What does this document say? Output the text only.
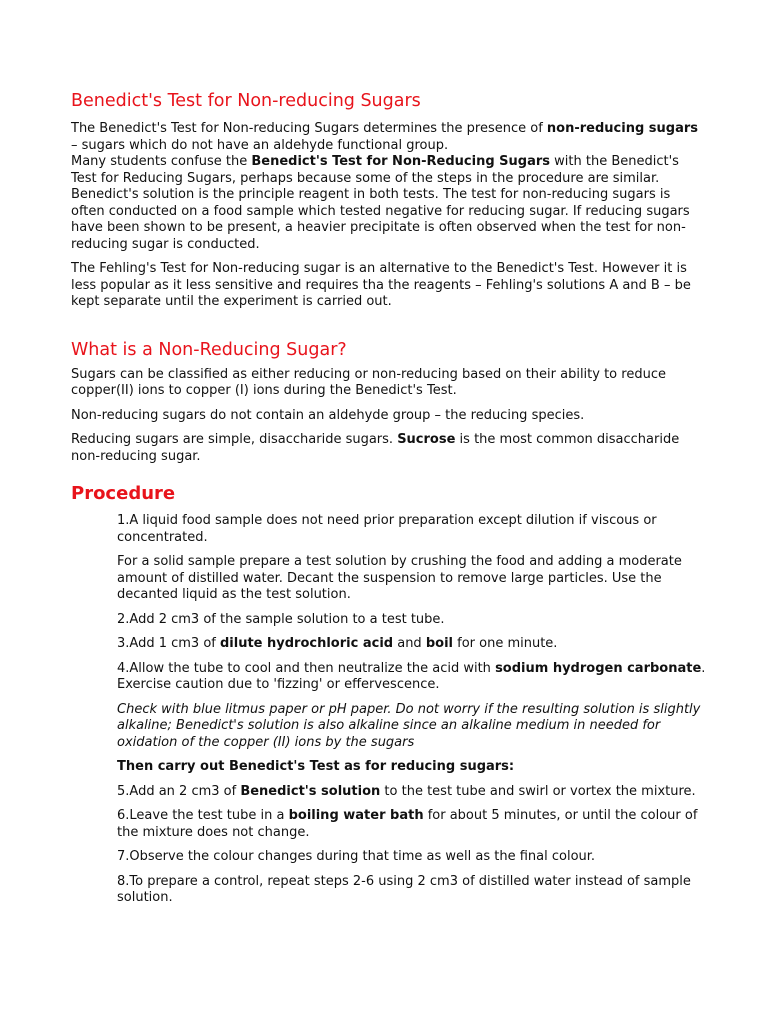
Benedict's Test for Non-reducing Sugars

The Benedict's Test for Non-reducing Sugars determines the presence of non-reducing sugars – sugars which do not have an aldehyde functional group.

Many students confuse the Benedict's Test for Non-Reducing Sugars with the Benedict's Test for Reducing Sugars, perhaps because some of the steps in the procedure are similar. Benedict's solution is the principle reagent in both tests. The test for non-reducing sugars is often conducted on a food sample which tested negative for reducing sugar. If reducing sugars have been shown to be present, a heavier precipitate is often observed when the test for non-reducing sugar is conducted.

The Fehling's Test for Non-reducing sugar is an alternative to the Benedict's Test. However it is less popular as it less sensitive and requires tha the reagents – Fehling's solutions A and B – be kept separate until the experiment is carried out.

What is a Non-Reducing Sugar?

Sugars can be classified as either reducing or non-reducing based on their ability to reduce copper(II) ions to copper (I) ions during the Benedict's Test.

Non-reducing sugars do not contain an aldehyde group – the reducing species.

Reducing sugars are simple, disaccharide sugars. Sucrose is the most common disaccharide non-reducing sugar.

Procedure

1.A liquid food sample does not need prior preparation except dilution if viscous or concentrated.

For a solid sample prepare a test solution by crushing the food and adding a moderate amount of distilled water. Decant the suspension to remove large particles. Use the decanted liquid as the test solution.

2.Add 2 cm3 of the sample solution to a test tube.

3.Add 1 cm3 of dilute hydrochloric acid and boil for one minute.

4.Allow the tube to cool and then neutralize the acid with sodium hydrogen carbonate. Exercise caution due to 'fizzing' or effervescence.

Check with blue litmus paper or pH paper. Do not worry if the resulting solution is slightly alkaline; Benedict's solution is also alkaline since an alkaline medium in needed for oxidation of the copper (II) ions by the sugars

Then carry out Benedict's Test as for reducing sugars:

5.Add an 2 cm3 of Benedict's solution to the test tube and swirl or vortex the mixture.

6.Leave the test tube in a boiling water bath for about 5 minutes, or until the colour of the mixture does not change.

7.Observe the colour changes during that time as well as the final colour.

8.To prepare a control, repeat steps 2-6 using 2 cm3 of distilled water instead of sample solution.
